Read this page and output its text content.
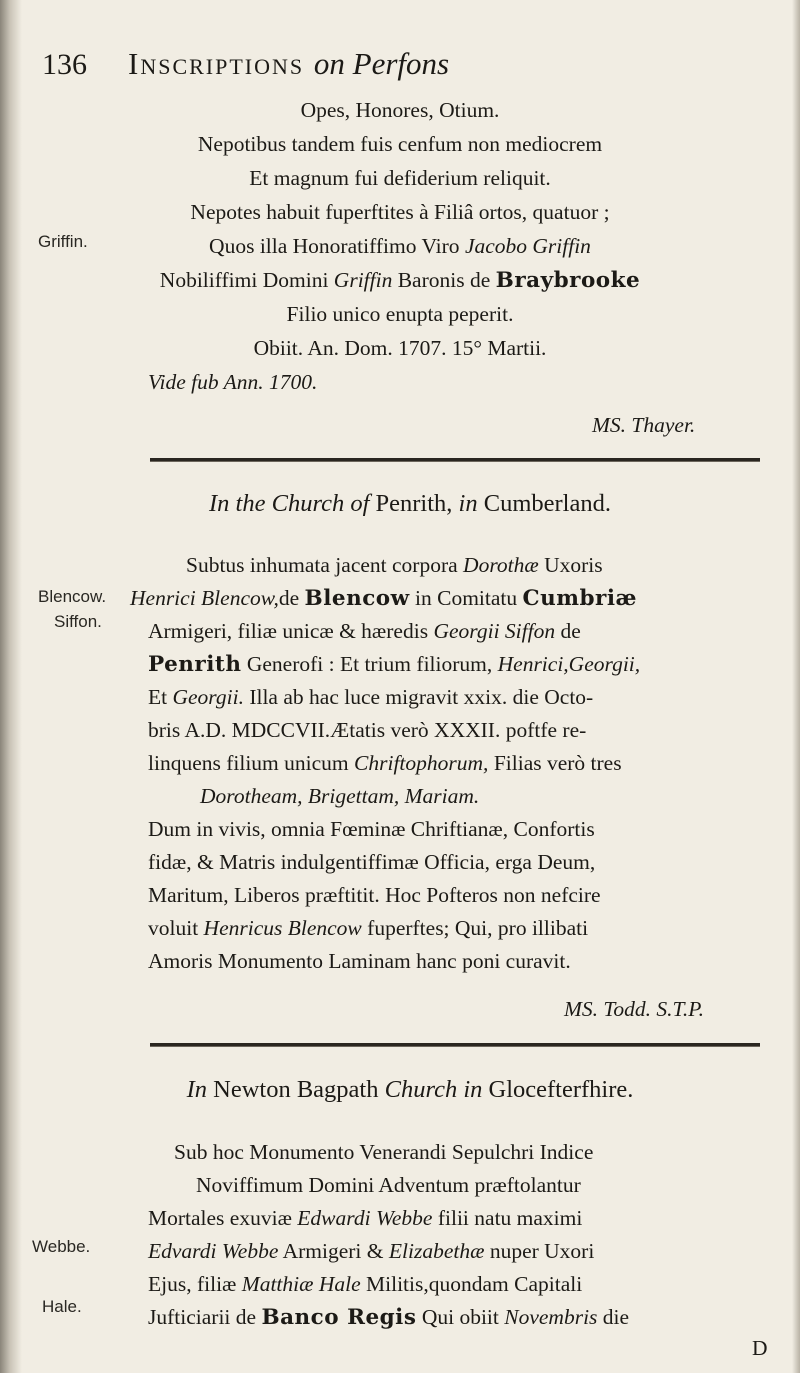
136 Inscriptions on Perfons
Griffin.
Opes, Honores, Otium.
Nepotibus tandem fuis cenfum non mediocrem
Et magnum fui defiderium reliquit.
Nepotes habuit fuperftites à Filiâ ortos, quatuor ;
Quos illa Honoratiffimo Viro Jacobo Griffin
Nobiliffimi Domini Griffin Baronis de Braybrooke
Filio unico enupta peperit.
Obiit. An. Dom. 1707. 15° Martii.
Vide fub Ann. 1700.
MS. Thayer.
In the Church of Penrith, in Cumberland.
Blencow.
Siffon.
Subtus inhumata jacent corpora Dorothæ Uxoris
Henrici Blencow,de Blencow in Comitatu Cumbriæ
Armigeri, filiæ unicæ & hæredis Georgii Siffon de
Penrith Generofi : Et trium filiorum, Henrici,Georgii,
Et Georgii. Illa ab hac luce migravit xxix. die Octo-
bris A.D. MDCCVII.Ætatis verò XXXII. poftfe re-
linquens filium unicum Chriftophorum, Filias verò tres
Dorotheam, Brigettam, Mariam.
Dum in vivis, omnia Fœminæ Chriftianæ, Confortis
fidæ, & Matris indulgentiffimæ Officia, erga Deum,
Maritum, Liberos præftitit. Hoc Pofteros non nefcire
voluit Henricus Blencow fuperftes; Qui, pro illibati
Amoris Monumento Laminam hanc poni curavit.
MS. Todd. S.T.P.
In Newton Bagpath Church in Glocefterfhire.
Webbe.
Hale.
Sub hoc Monumento Venerandi Sepulchri Indice
Noviffimum Domini Adventum præftolantur
Mortales exuviæ Edwardi Webbe filii natu maximi
Edvardi Webbe Armigeri & Elizabethæ nuper Uxori
Ejus, filiæ Matthiæ Hale Militis,quondam Capitali
Jufticiarii de Banco Regis Qui obiit Novembris die
D
